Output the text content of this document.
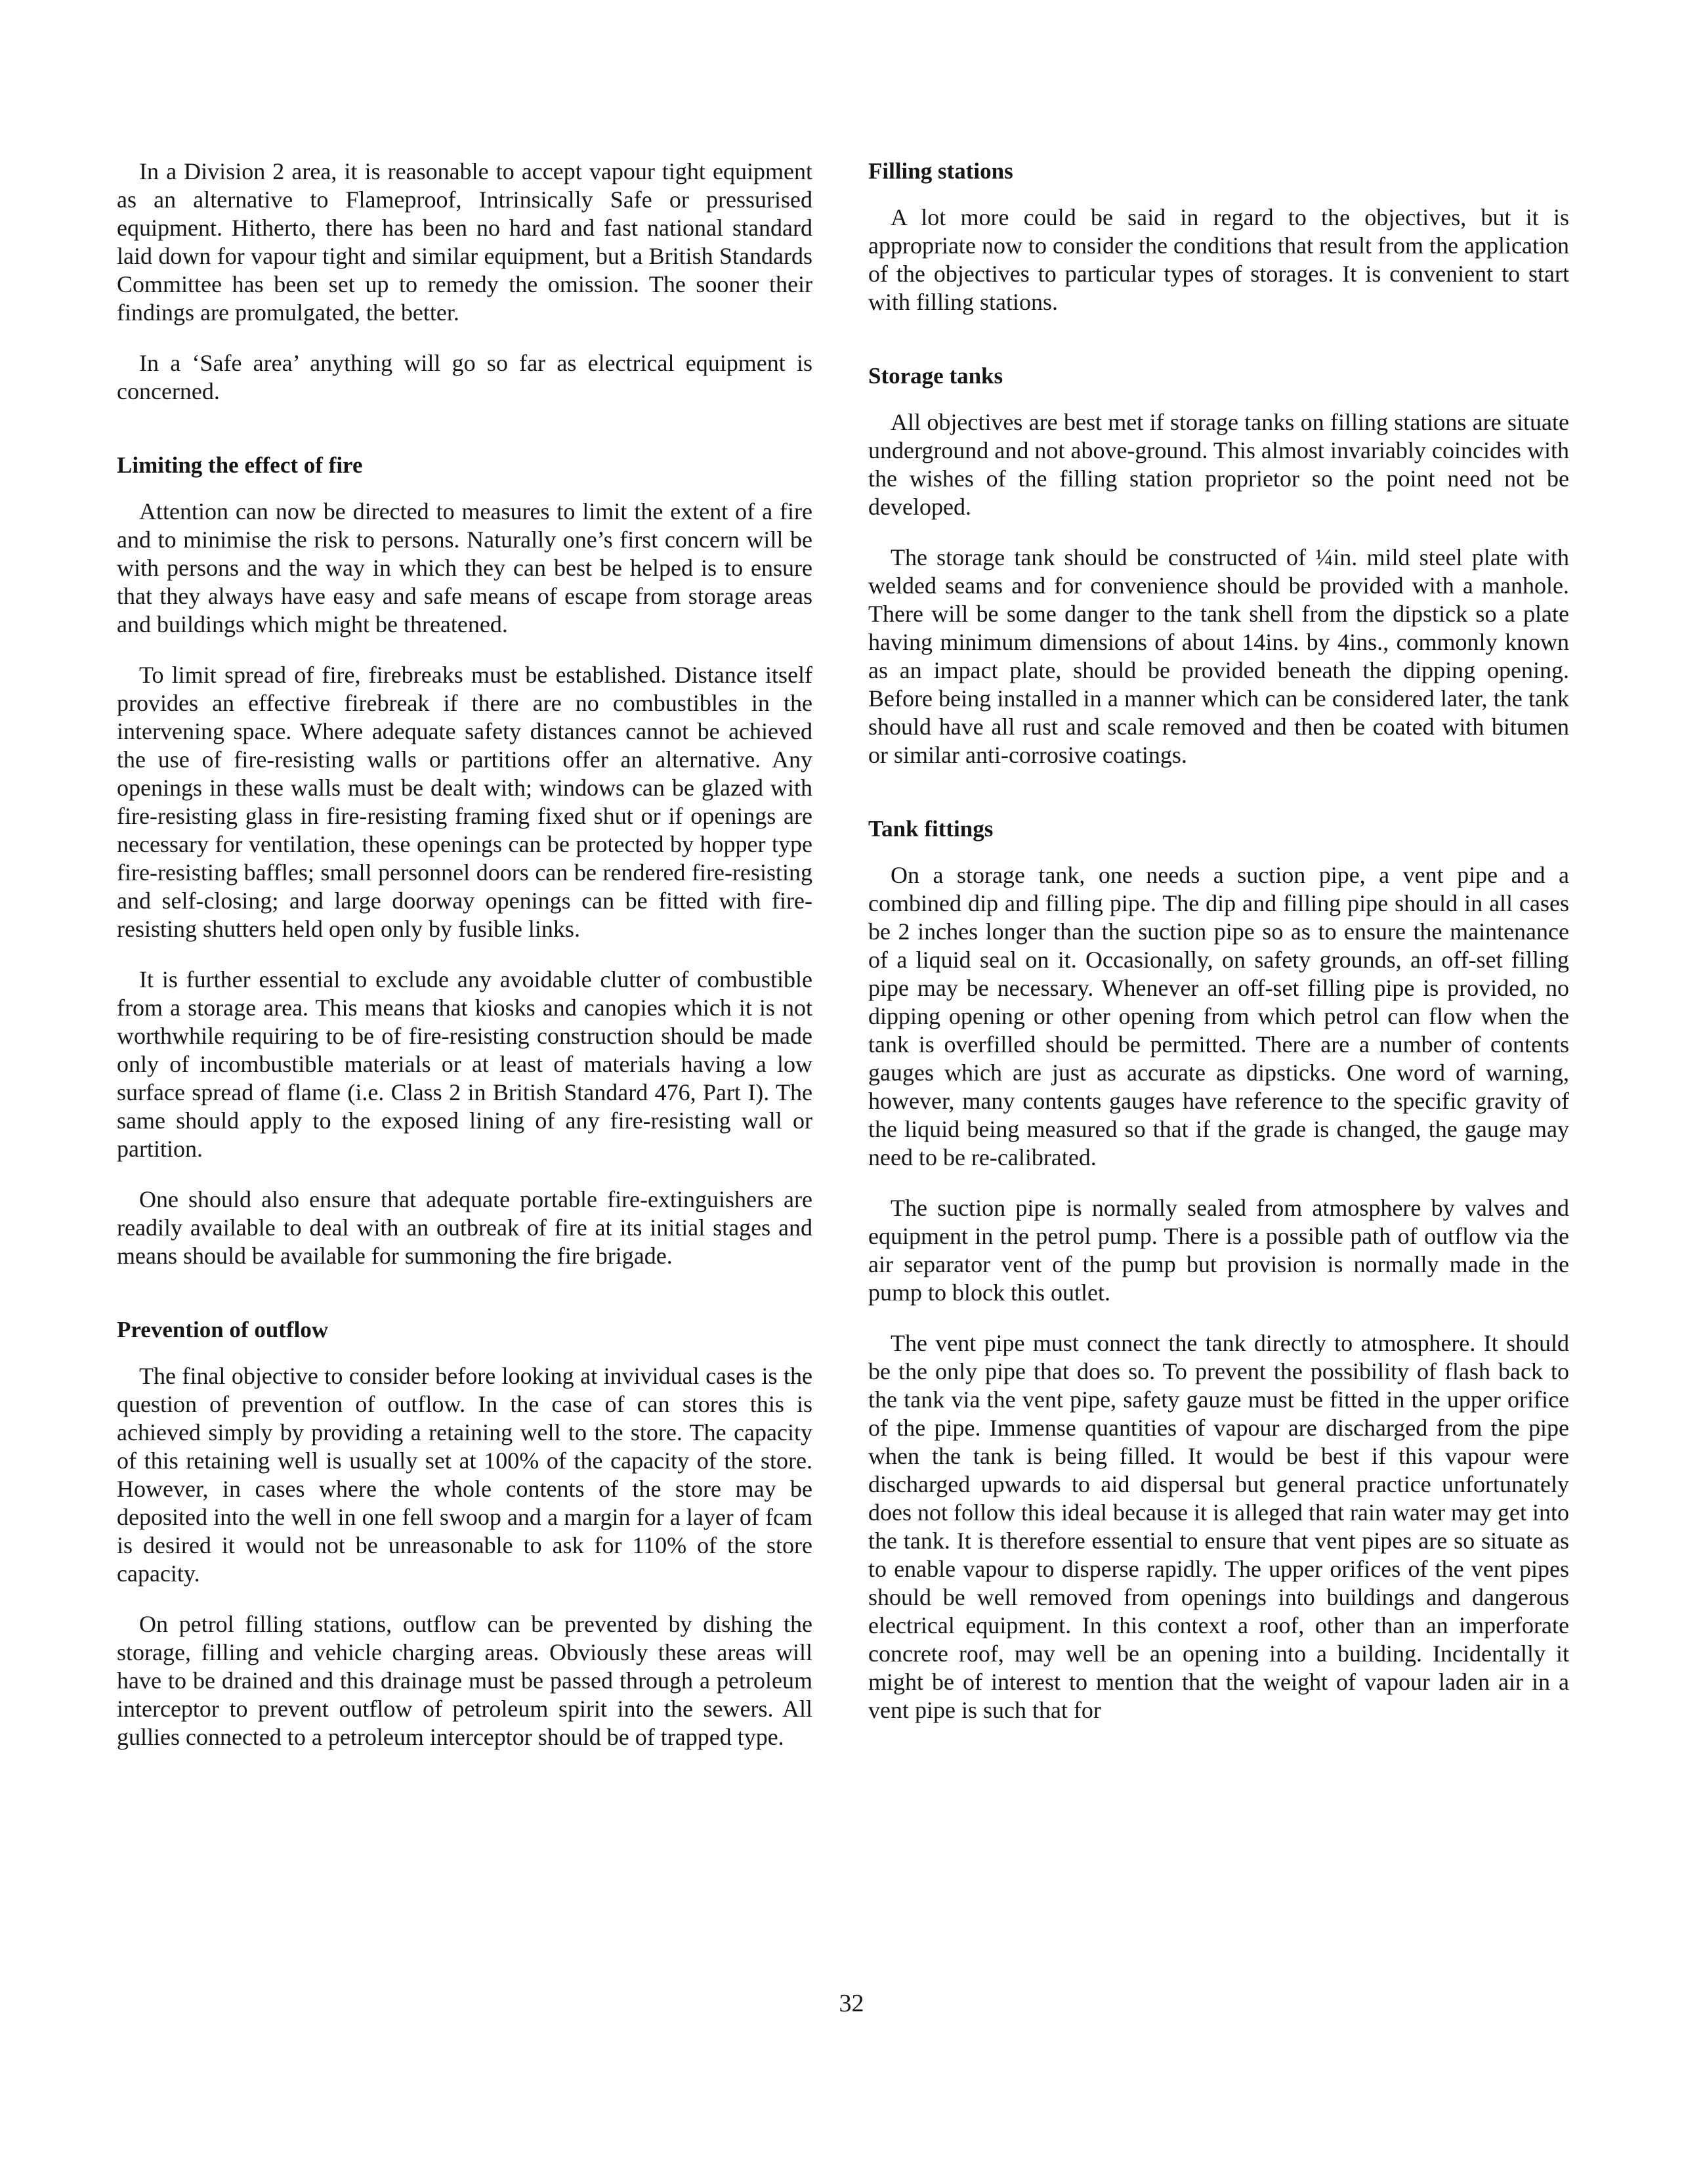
In a Division 2 area, it is reasonable to accept vapour tight equipment as an alternative to Flameproof, Intrinsically Safe or pressurised equipment. Hitherto, there has been no hard and fast national standard laid down for vapour tight and similar equipment, but a British Standards Committee has been set up to remedy the omission. The sooner their findings are promulgated, the better.

In a ‘Safe area’ anything will go so far as electrical equipment is concerned.

Limiting the effect of fire

Attention can now be directed to measures to limit the extent of a fire and to minimise the risk to persons. Naturally one’s first concern will be with persons and the way in which they can best be helped is to ensure that they always have easy and safe means of escape from storage areas and buildings which might be threatened.

To limit spread of fire, firebreaks must be established. Distance itself provides an effective firebreak if there are no combustibles in the intervening space. Where adequate safety distances cannot be achieved the use of fire-resisting walls or partitions offer an alternative. Any openings in these walls must be dealt with; windows can be glazed with fire-resisting glass in fire-resisting framing fixed shut or if openings are necessary for ventilation, these openings can be protected by hopper type fire-resisting baffles; small personnel doors can be rendered fire-resisting and self-closing; and large doorway openings can be fitted with fire-resisting shutters held open only by fusible links.

It is further essential to exclude any avoidable clutter of combustible from a storage area. This means that kiosks and canopies which it is not worthwhile requiring to be of fire-resisting construction should be made only of incombustible materials or at least of materials having a low surface spread of flame (i.e. Class 2 in British Standard 476, Part I). The same should apply to the exposed lining of any fire-resisting wall or partition.

One should also ensure that adequate portable fire-extinguishers are readily available to deal with an outbreak of fire at its initial stages and means should be available for summoning the fire brigade.

Prevention of outflow

The final objective to consider before looking at invividual cases is the question of prevention of outflow. In the case of can stores this is achieved simply by providing a retaining well to the store. The capacity of this retaining well is usually set at 100% of the capacity of the store. However, in cases where the whole contents of the store may be deposited into the well in one fell swoop and a margin for a layer of fcam is desired it would not be unreasonable to ask for 110% of the store capacity.

On petrol filling stations, outflow can be prevented by dishing the storage, filling and vehicle charging areas. Obviously these areas will have to be drained and this drainage must be passed through a petroleum interceptor to prevent outflow of petroleum spirit into the sewers. All gullies connected to a petroleum interceptor should be of trapped type.

Filling stations

A lot more could be said in regard to the objectives, but it is appropriate now to consider the conditions that result from the application of the objectives to particular types of storages. It is convenient to start with filling stations.

Storage tanks

All objectives are best met if storage tanks on filling stations are situate underground and not above-ground. This almost invariably coincides with the wishes of the filling station proprietor so the point need not be developed.

The storage tank should be constructed of ¼in. mild steel plate with welded seams and for convenience should be provided with a manhole. There will be some danger to the tank shell from the dipstick so a plate having minimum dimensions of about 14ins. by 4ins., commonly known as an impact plate, should be provided beneath the dipping opening. Before being installed in a manner which can be considered later, the tank should have all rust and scale removed and then be coated with bitumen or similar anti-corrosive coatings.

Tank fittings

On a storage tank, one needs a suction pipe, a vent pipe and a combined dip and filling pipe. The dip and filling pipe should in all cases be 2 inches longer than the suction pipe so as to ensure the maintenance of a liquid seal on it. Occasionally, on safety grounds, an off-set filling pipe may be necessary. Whenever an off-set filling pipe is provided, no dipping opening or other opening from which petrol can flow when the tank is overfilled should be permitted. There are a number of contents gauges which are just as accurate as dipsticks. One word of warning, however, many contents gauges have reference to the specific gravity of the liquid being measured so that if the grade is changed, the gauge may need to be re-calibrated.

The suction pipe is normally sealed from atmosphere by valves and equipment in the petrol pump. There is a possible path of outflow via the air separator vent of the pump but provision is normally made in the pump to block this outlet.

The vent pipe must connect the tank directly to atmosphere. It should be the only pipe that does so. To prevent the possibility of flash back to the tank via the vent pipe, safety gauze must be fitted in the upper orifice of the pipe. Immense quantities of vapour are discharged from the pipe when the tank is being filled. It would be best if this vapour were discharged upwards to aid dispersal but general practice unfortunately does not follow this ideal because it is alleged that rain water may get into the tank. It is therefore essential to ensure that vent pipes are so situate as to enable vapour to disperse rapidly. The upper orifices of the vent pipes should be well removed from openings into buildings and dangerous electrical equipment. In this context a roof, other than an imperforate concrete roof, may well be an opening into a building. Incidentally it might be of interest to mention that the weight of vapour laden air in a vent pipe is such that for

32
